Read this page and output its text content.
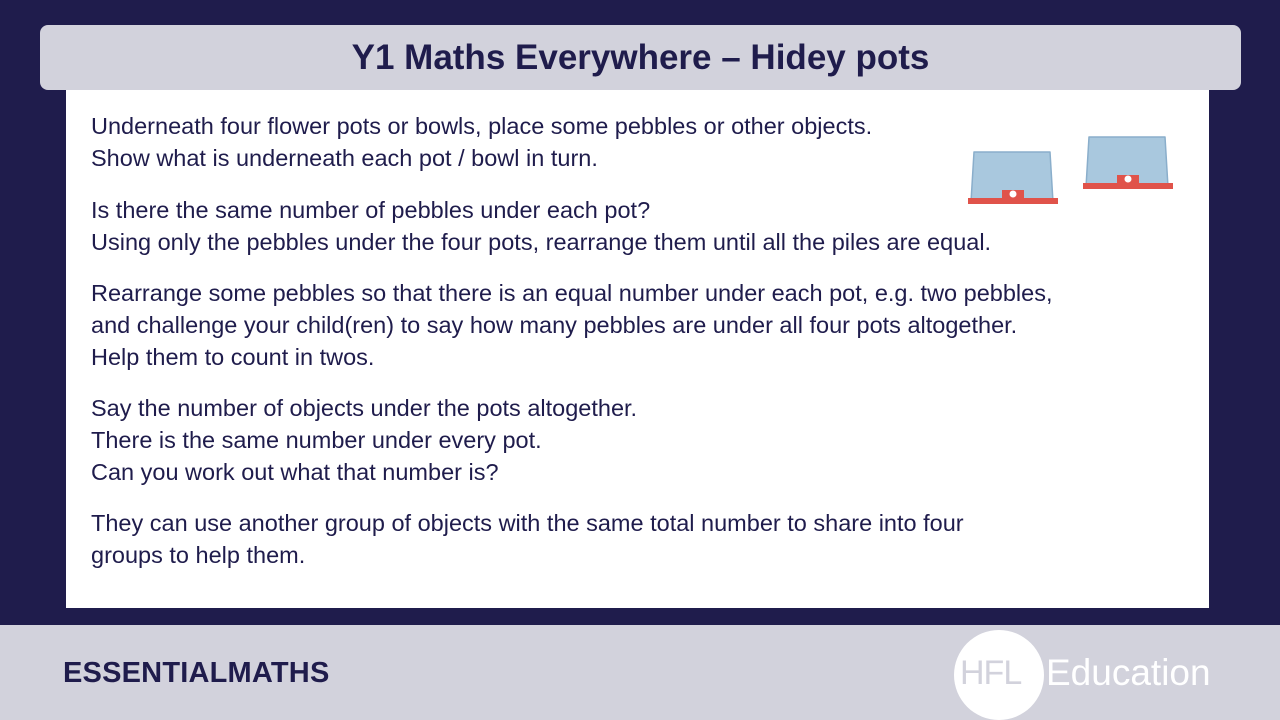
Y1 Maths Everywhere – Hidey pots

Underneath four flower pots or bowls, place some pebbles or other objects.
Show what is underneath each pot / bowl in turn.

Is there the same number of pebbles under each pot?
Using only the pebbles under the four pots, rearrange them until all the piles are equal.

Rearrange some pebbles so that there is an equal number under each pot, e.g. two pebbles,
and challenge your child(ren) to say how many pebbles are under all four pots altogether.
Help them to count in twos.

Say the number of objects under the pots altogether.
There is the same number under every pot.
Can you work out what that number is?

They can use another group of objects with the same total number to share into four
groups to help them.

ESSENTIALMATHS	HFL Education
